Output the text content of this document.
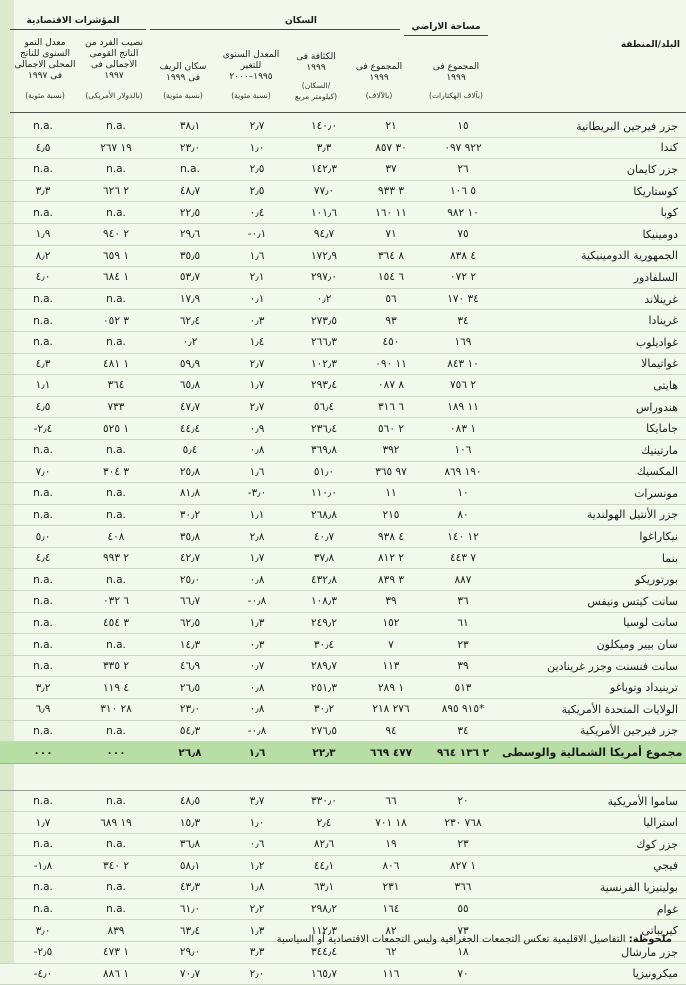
المؤشرات الاقتصادية	السكان
مساحة الاراضي
البلد/المنطقة
المجموع فى
١٩٩٩
(بآلاف الهكتارات)
المجموع فى
١٩٩٩
(بالآلاف)
الكثافة فى
١٩٩٩
(السكان/
كيلومتر مربع)
المعدل السنوى
للتغير
١٩٩٥–٢٠٠٠
(نسبة مئوية)
سكان الريف
فى ١٩٩٩
(نسبة مئوية)
نصيب الفرد من
الناتج القومى
الاجمالى فى
١٩٩٧
(بالدولار الأمريكى)
معدل النمو
السنوى للناتج
المحلى الاجمالى
فى ١٩٩٧
(نسبة مئوية)
	n.a.	n.a.	٣٨٫١	٢٫٧	١٤٠٫٠	٢١	١٥	جزر فيرجين البريطانية
	٤٫٥	١٩ ٢٦٧	٢٣٫٠	١٫٠	٣٫٣	٣٠ ٨٥٧	٩٢٢ ٠٩٧	كندا
	n.a.	n.a.	n.a.	٢٫٥	١٤٢٫٣	٣٧	٢٦	جزر كايمان
	٣٫٣	٢ ٦٢٦	٤٨٫٧	٢٫٥	٧٧٫٠	٣ ٩٣٣	٥ ١٠٦	كوستاريكا
	n.a.	n.a.	٢٢٫٥	٠٫٤	١٠١٫٦	١١ ١٦٠	١٠ ٩٨٢	كوبا
	١٫٩	٢ ٩٤٠	٢٩٫٦	-٠٫١	٩٤٫٧	٧١	٧٥	دومينيكا
	٨٫٢	١ ٦٥٩	٣٥٫٥	١٫٦	١٧٢٫٩	٨ ٣٦٤	٤ ٨٣٨	الجمهورية الدومينيكية
	٤٫٠	١ ٦٨٤	٥٣٫٧	٢٫١	٢٩٧٫٠	٦ ١٥٤	٢ ٠٧٢	السلفادور
	n.a.	n.a.	١٧٫٩	٠٫١	٠٫٢	٥٦	٣٤ ١٧٠	غرينلاند
	n.a.	٣ ٠٥٢	٦٢٫٤	٠٫٣	٢٧٣٫٥	٩٣	٣٤	غرينادا
	n.a.	n.a.	٠٫٢	١٫٤	٢٦٦٫٣	٤٥٠	١٦٩	غواديلوب
	٤٫٣	١ ٤٨١	٥٩٫٩	٢٫٧	١٠٢٫٣	١١ ٠٩٠	١٠ ٨٤٣	غواتيمالا
	١٫١	٣٦٤	٦٥٫٨	١٫٧	٢٩٣٫٤	٨ ٠٨٧	٢ ٧٥٦	هايتى
	٤٫٥	٧٣٣	٤٧٫٧	٢٫٧	٥٦٫٤	٦ ٣١٦	١١ ١٨٩	هندوراس
	-٢٫٤	١ ٥٢٥	٤٤٫٤	٠٫٩	٢٣٦٫٤	٢ ٥٦٠	١ ٠٨٣	جامايكا
	n.a.	n.a.	٥٫٤	٠٫٨	٣٦٩٫٨	٣٩٢	١٠٦	مارتينيك
	٧٫٠	٣ ٣٠٤	٢٥٫٨	١٫٦	٥١٫٠	٩٧ ٣٦٥	١٩٠ ٨٦٩	المكسيك
	n.a.	n.a.	٨١٫٨	-٣٫٠	١١٠٫٠	١١	١٠	مونسرات
	n.a.	n.a.	٣٠٫٢	١٫١	٢٦٨٫٨	٢١٥	٨٠	جزر الأنتيل الهولندية
	٥٫٠	٤٠٨	٣٥٫٨	٢٫٨	٤٠٫٧	٤ ٩٣٨	١٢ ١٤٠	نيكاراغوا
	٤٫٤	٢ ٩٩٣	٤٢٫٧	١٫٧	٣٧٫٨	٢ ٨١٢	٧ ٤٤٣	بنما
	n.a.	n.a.	٢٥٫٠	٠٫٨	٤٣٢٫٨	٣ ٨٣٩	٨٨٧	بورتوريكو
	n.a.	٦ ٠٣٢	٦٦٫٧	-٠٫٨	١٠٨٫٣	٣٩	٣٦	سانت كيتس ونيفس
	n.a.	٣ ٤٥٤	٦٢٫٥	١٫٣	٢٤٩٫٢	١٥٢	٦١	سانت لوسيا
	n.a.	n.a.	١٤٫٣	٠٫٣	٣٠٫٤	٧	٢٣	سان بيير وميكلون
	n.a.	٢ ٣٣٥	٤٦٫٩	٠٫٧	٢٨٩٫٧	١١٣	٣٩	سانت فنسنت وجزر غرينادين
	٣٫٢	٤ ١١٩	٢٦٫٥	٠٫٨	٢٥١٫٣	١ ٢٨٩	٥١٣	ترينيداد وتوباغو
	٦٫٩	٢٨ ٣١٠	٢٣٫٠	٠٫٨	٣٠٫٢	٢٧٦ ٢١٨	٩١٥ ٨٩٥*	الولايات المتحدة الأمريكية
	n.a.	n.a.	٥٤٫٣	-٠٫٨	٢٧٦٫٥	٩٤	٣٤	جزر فيرجين الأمريكية
	٠٠٠	٠٠٠	٢٦٫٨	١٫٦	٢٢٫٣	٤٧٧ ٦٦٩	٢ ١٣٦ ٩٦٤	مجموع أمريكا الشمالية والوسطى

	n.a.	n.a.	٤٨٫٥	٣٫٧	٣٣٠٫٠	٦٦	٢٠	ساموا الأمريكية
	١٫٧	١٩ ٦٨٩	١٥٫٣	١٫٠	٢٫٤	١٨ ٧٠١	٧٦٨ ٢٣٠	استراليا
	n.a.	n.a.	٣٦٫٨	٠٫٦	٨٢٫٦	١٩	٢٣	جزر كوك
	-١٫٨	٢ ٣٤٠	٥٨٫١	١٫٢	٤٤٫١	٨٠٦	١ ٨٢٧	فيجي
	n.a.	n.a.	٤٣٫٣	١٫٨	٦٣٫١	٢٣١	٣٦٦	بولينيزيا الفرنسية
	n.a.	n.a.	٦١٫٠	٢٫٢	٢٩٨٫٢	١٦٤	٥٥	غوام
	٣٫٠	٨٣٩	٦٣٫٤	١٫٣	١١٢٫٣	٨٢	٧٣	كيريباتى
	-٢٫٥	١ ٤٧٣	٢٩٫٠	٣٫٣	٣٤٤٫٤	٦٢	١٨	جزر مارشال
	-٤٫٠	١ ٨٨٦	٧٠٫٧	٢٫٠	١٦٥٫٧	١١٦	٧٠	ميكرونيزيا
ملحوظة: التفاصيل الاقليمية تعكس التجمعات الجغرافية وليس التجمعات الاقتصادية أو السياسية
